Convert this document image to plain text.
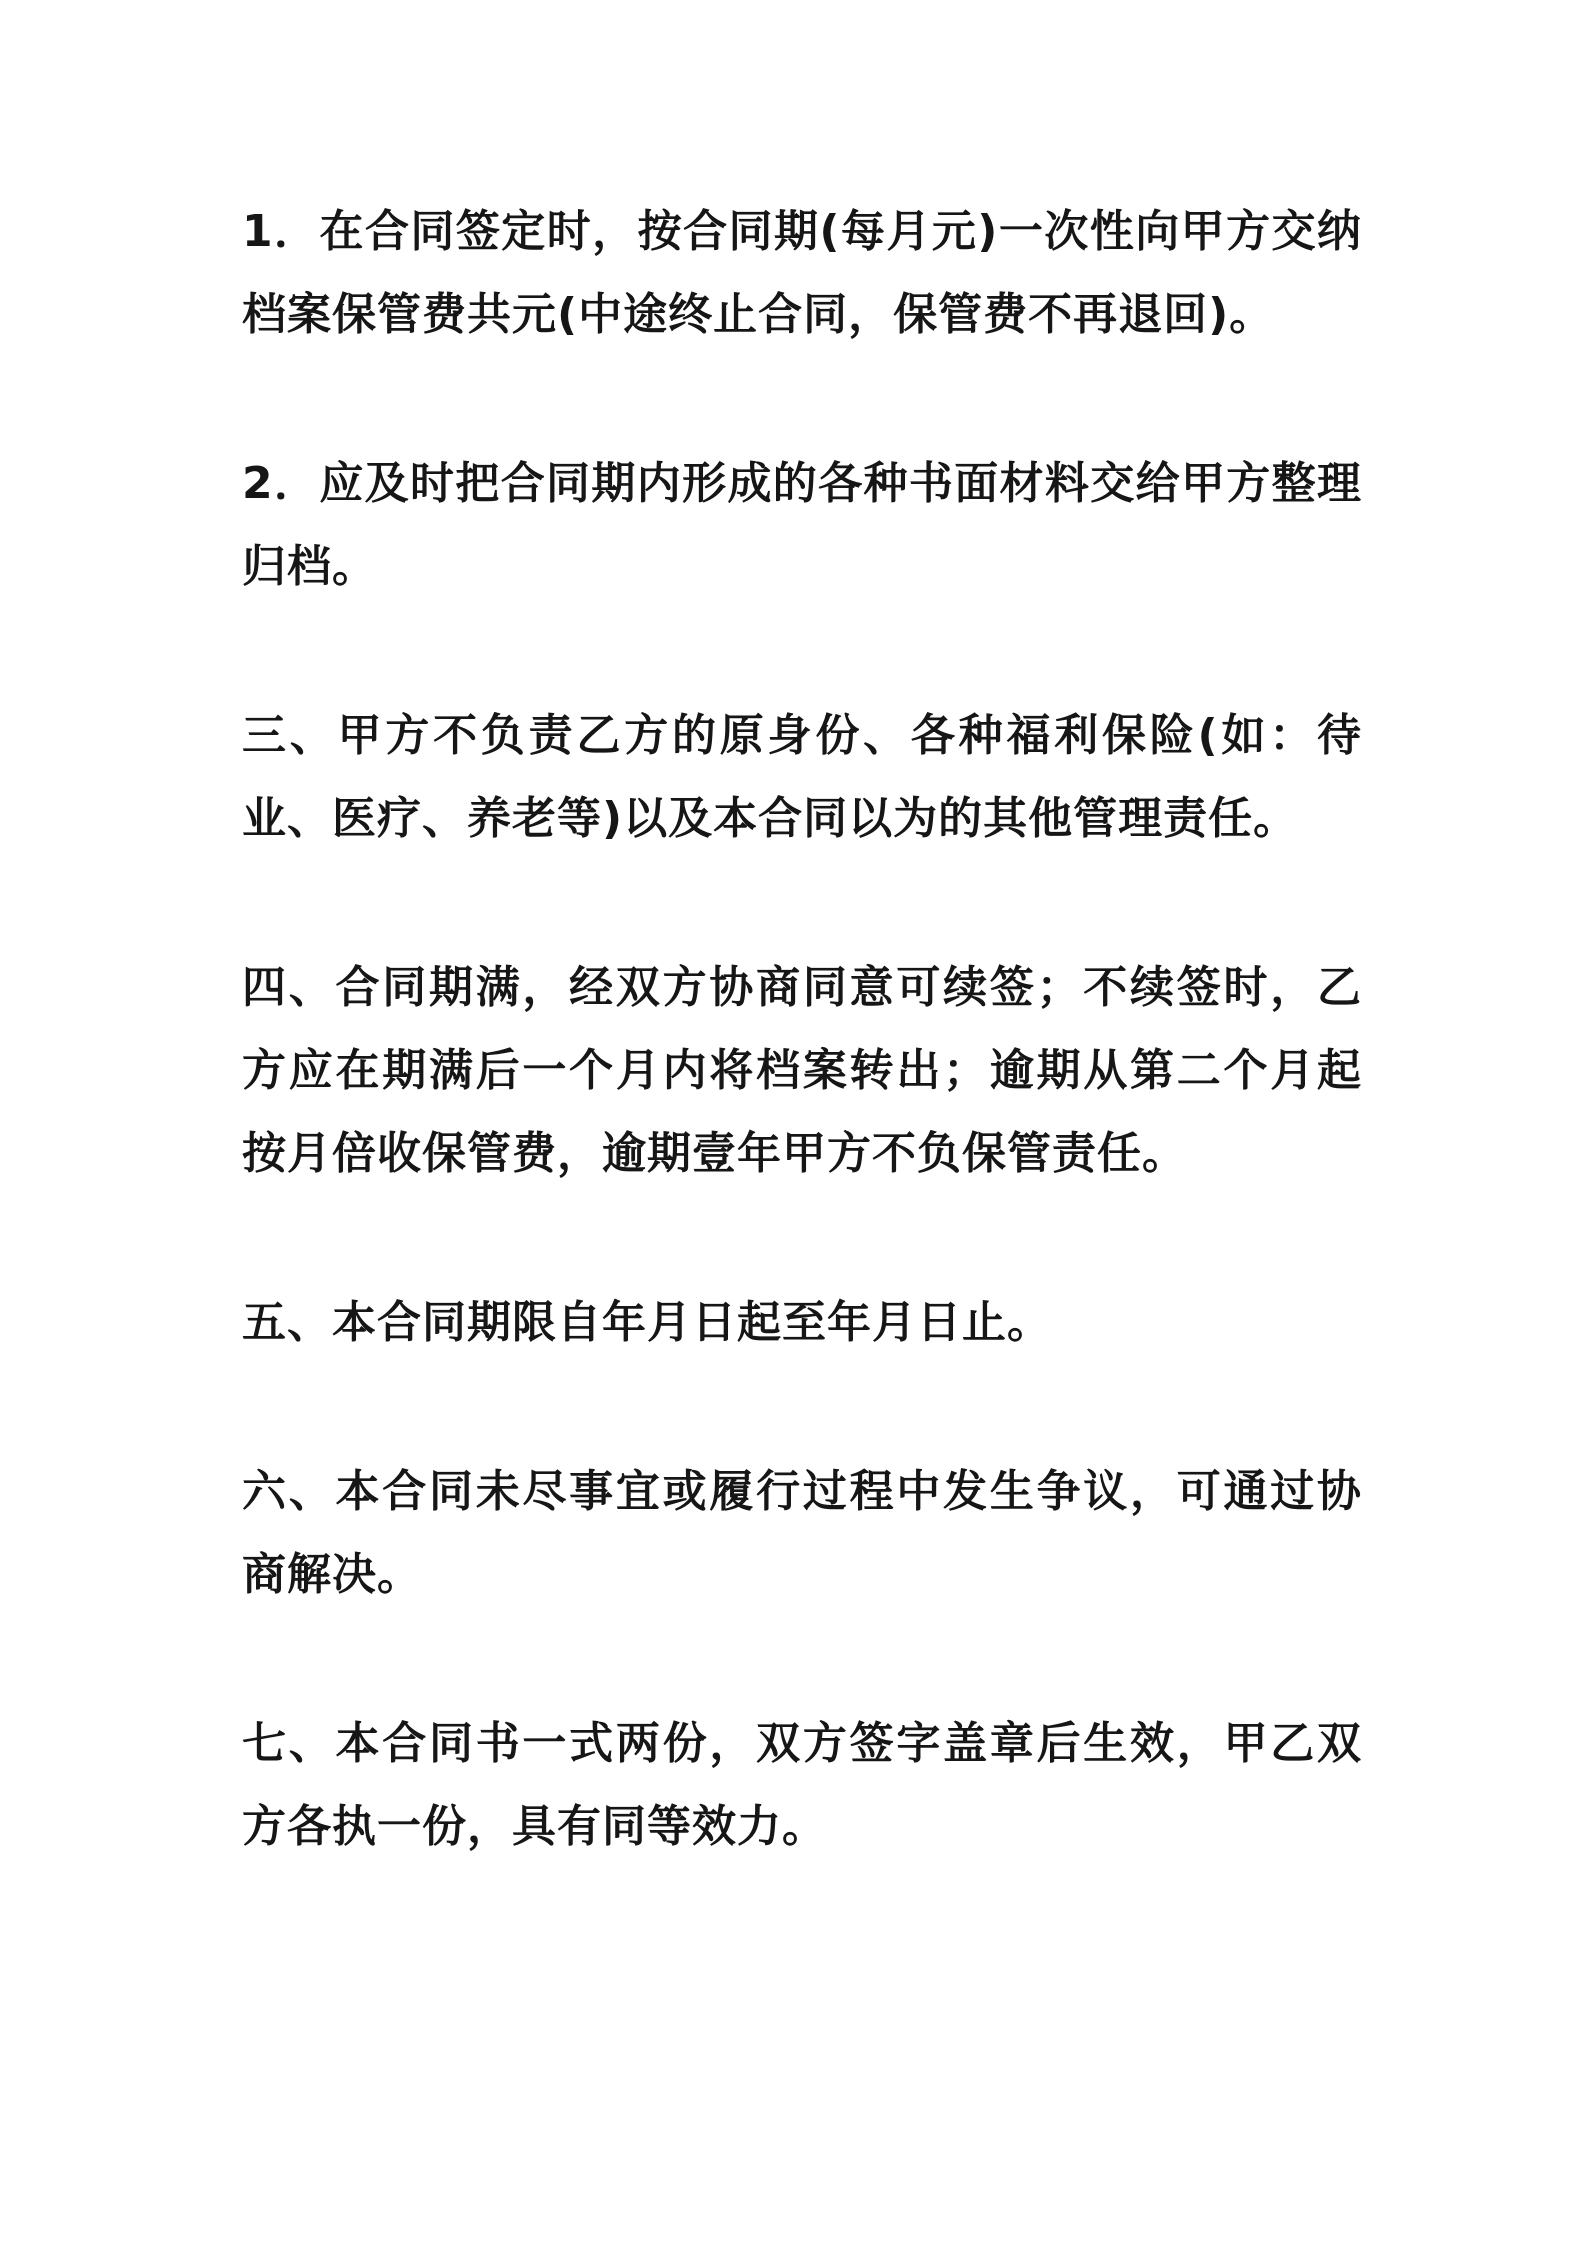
1．在合同签定时，按合同期(每月元)一次性向甲方交纳档案保管费共元(中途终止合同，保管费不再退回)。

2．应及时把合同期内形成的各种书面材料交给甲方整理归档。

三、甲方不负责乙方的原身份、各种福利保险(如：待业、医疗、养老等)以及本合同以为的其他管理责任。

四、合同期满，经双方协商同意可续签；不续签时，乙方应在期满后一个月内将档案转出；逾期从第二个月起按月倍收保管费，逾期壹年甲方不负保管责任。

五、本合同期限自年月日起至年月日止。

六、本合同未尽事宜或履行过程中发生争议，可通过协商解决。

七、本合同书一式两份，双方签字盖章后生效，甲乙双方各执一份，具有同等效力。
